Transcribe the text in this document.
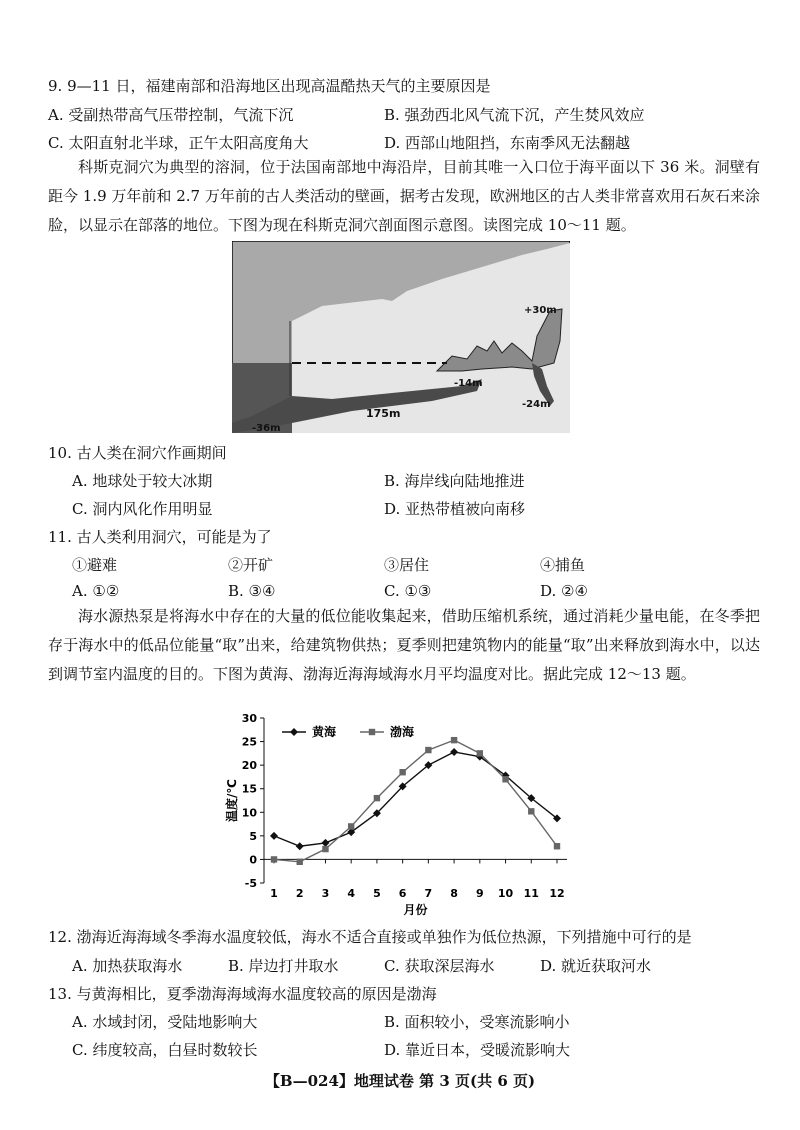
9. 9—11 日，福建南部和沿海地区出现高温酷热天气的主要原因是
A. 受副热带高气压带控制，气流下沉	B. 强劲西北风气流下沉，产生焚风效应
C. 太阳直射北半球，正午太阳高度角大	D. 西部山地阻挡，东南季风无法翻越
科斯克洞穴为典型的溶洞，位于法国南部地中海沿岸，目前其唯一入口位于海平面以下 36 米。洞壁有距今 1.9 万年前和 2.7 万年前的古人类活动的壁画，据考古发现，欧洲地区的古人类非常喜欢用石灰石来涂脸，以显示在部落的地位。下图为现在科斯克洞穴剖面图示意图。读图完成 10～11 题。
+30m
-14m
-24m
-36m
175m
10. 古人类在洞穴作画期间
A. 地球处于较大冰期	B. 海岸线向陆地推进
C. 洞内风化作用明显	D. 亚热带植被向南移
11. 古人类利用洞穴，可能是为了
①避难	②开矿	③居住	④捕鱼
A. ①②	B. ③④	C. ①③	D. ②④
海水源热泵是将海水中存在的大量的低位能收集起来，借助压缩机系统，通过消耗少量电能，在冬季把存于海水中的低品位能量“取”出来，给建筑物供热；夏季则把建筑物内的能量“取”出来释放到海水中，以达到调节室内温度的目的。下图为黄海、渤海近海海域海水月平均温度对比。据此完成 12～13 题。
-5
0
5
10
15
20
25
30
1 2 3 4 5 6 7 8 9 10 11 12
月份
温度/℃
黄海	渤海
12. 渤海近海海域冬季海水温度较低，海水不适合直接或单独作为低位热源，下列措施中可行的是
A. 加热获取海水	B. 岸边打井取水	C. 获取深层海水	D. 就近获取河水
13. 与黄海相比，夏季渤海海域海水温度较高的原因是渤海
A. 水域封闭，受陆地影响大	B. 面积较小，受寒流影响小
C. 纬度较高，白昼时数较长	D. 靠近日本，受暖流影响大
【B—024】地理试卷 第 3 页(共 6 页)
